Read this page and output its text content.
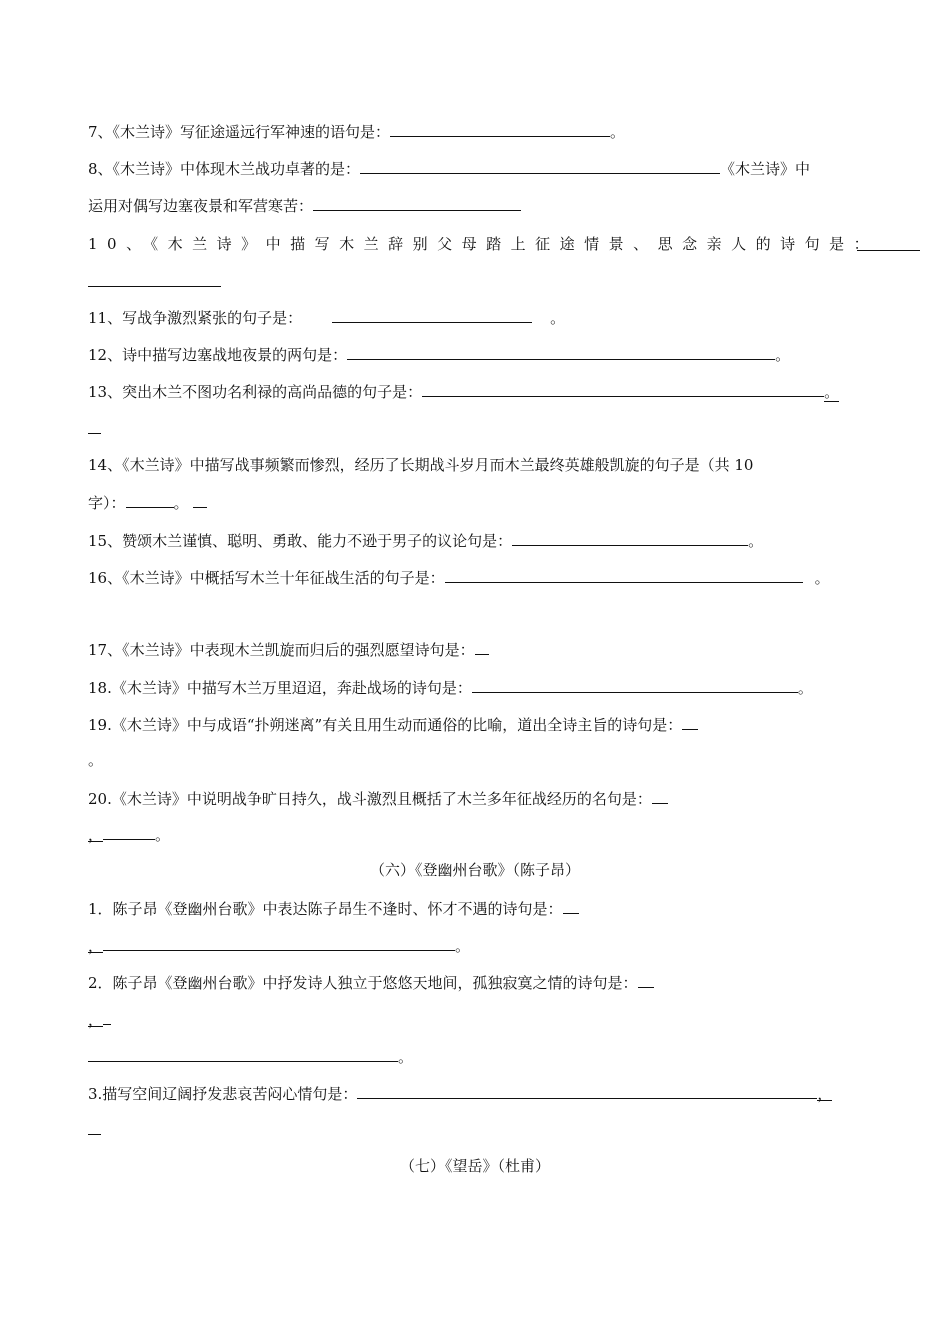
7、《木兰诗》写征途遥远行军神速的语句是：	。
8、《木兰诗》中体现木兰战功卓著的是：	《木兰诗》中
运用对偶写边塞夜景和军营寒苦：
10、《木兰诗》中描写木兰辞别父母踏上征途情景、思念亲人的诗句是：
11、写战争激烈紧张的句子是：	。
12、诗中描写边塞战地夜景的两句是：	。
13、突出木兰不图功名利禄的高尚品德的句子是：	。
14、《木兰诗》中描写战事频繁而惨烈，经历了长期战斗岁月而木兰最终英雄般凯旋的句子是（共 10
字）：	。
15、赞颂木兰谨慎、聪明、勇敢、能力不逊于男子的议论句是：	。
16、《木兰诗》中概括写木兰十年征战生活的句子是：	。
17、《木兰诗》中表现木兰凯旋而归后的强烈愿望诗句是：
18.《木兰诗》中描写木兰万里迢迢，奔赴战场的诗句是：	。
19.《木兰诗》中与成语“扑朔迷离”有关且用生动而通俗的比喻，道出全诗主旨的诗句是：
。
20.《木兰诗》中说明战争旷日持久，战斗激烈且概括了木兰多年征战经历的名句是：
，	。
（六）《登幽州台歌》（陈子昂）
1．陈子昂《登幽州台歌》中表达陈子昂生不逢时、怀才不遇的诗句是：
，	。
2．陈子昂《登幽州台歌》中抒发诗人独立于悠悠天地间，孤独寂寞之情的诗句是：
，
。
3.描写空间辽阔抒发悲哀苦闷心情句是：	，
（七）《望岳》（杜甫）
